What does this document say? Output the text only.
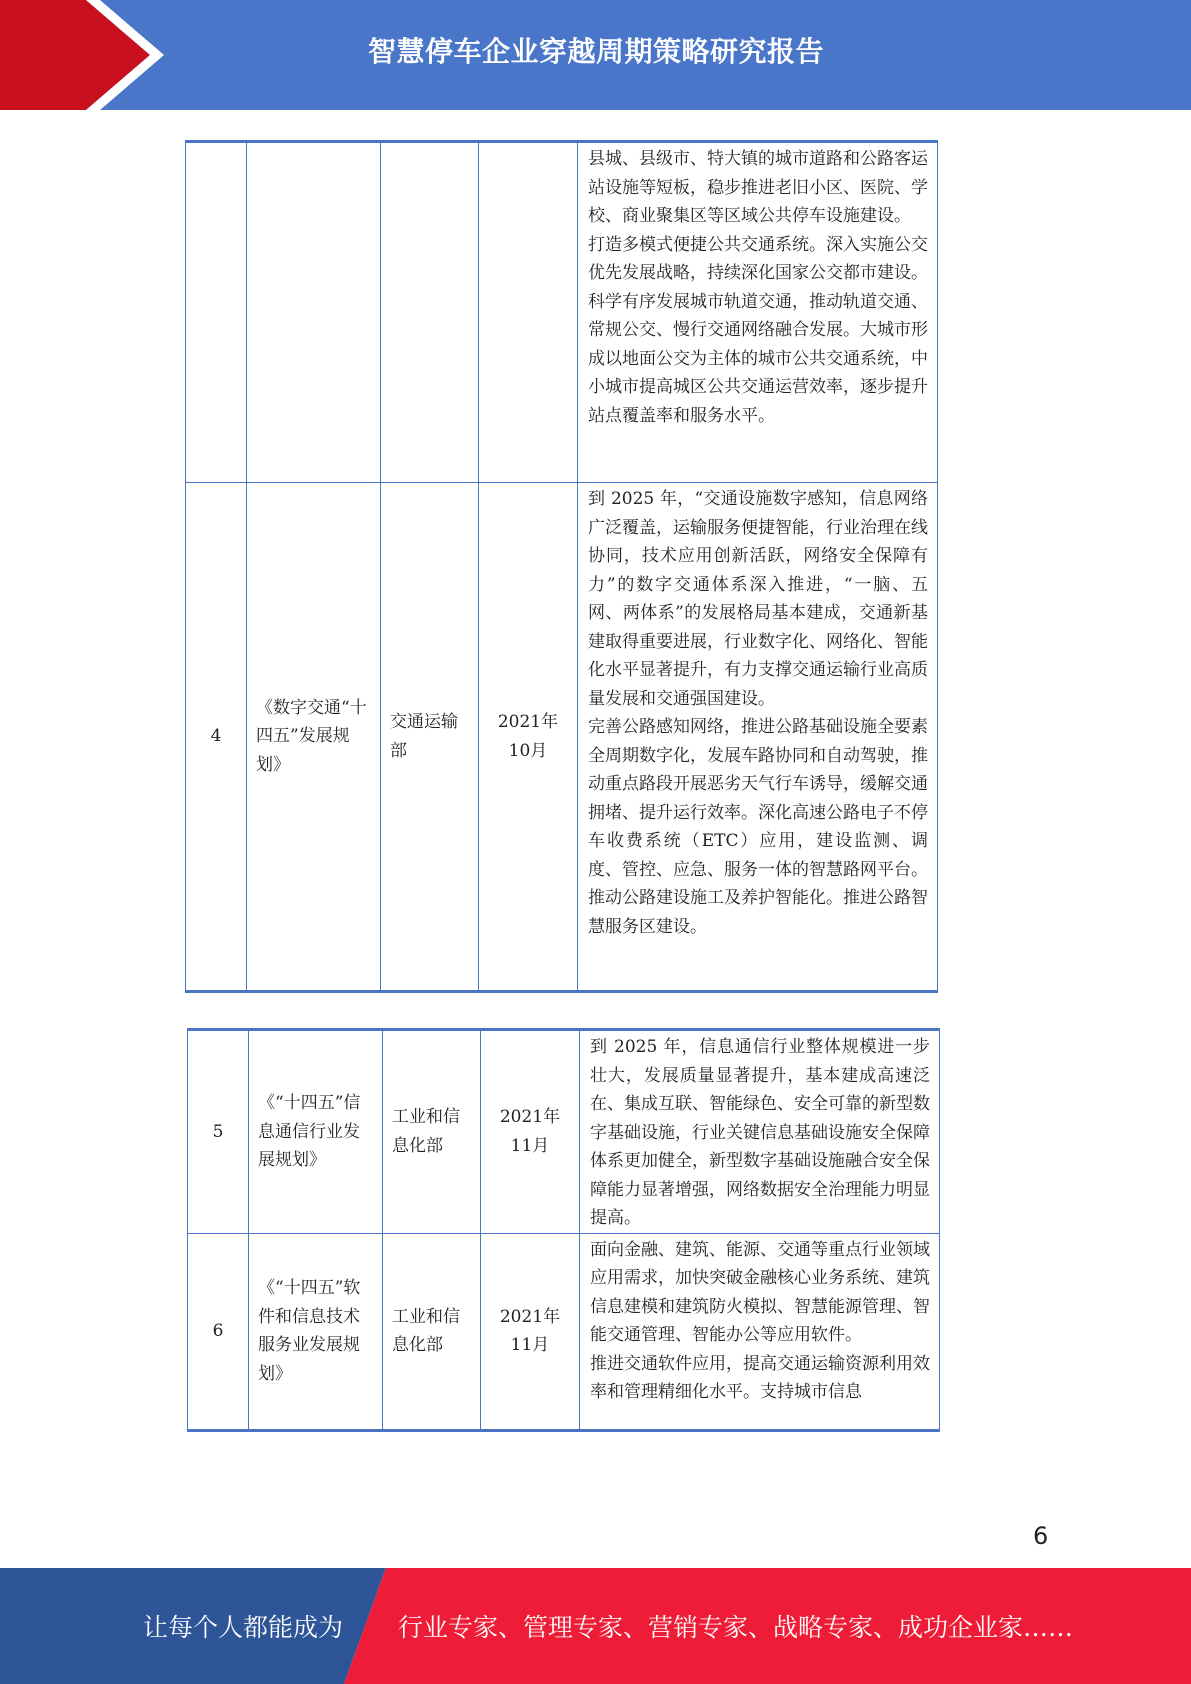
智慧停车企业穿越周期策略研究报告

				县城、县级市、特大镇的城市道路和公路客运站设施等短板，稳步推进老旧小区、医院、学校、商业聚集区等区域公共停车设施建设。

打造多模式便捷公共交通系统。深入实施公交优先发展战略，持续深化国家公交都市建设。科学有序发展城市轨道交通，推动轨道交通、常规公交、慢行交通网络融合发展。大城市形成以地面公交为主体的城市公共交通系统，中小城市提高城区公共交通运营效率，逐步提升站点覆盖率和服务水平。

4	《数字交通“十四五”发展规划》	交通运输部	2021年10月	到 2025 年，“交通设施数字感知，信息网络广泛覆盖，运输服务便捷智能，行业治理在线协同，技术应用创新活跃，网络安全保障有力”的数字交通体系深入推进，“一脑、五网、两体系”的发展格局基本建成，交通新基建取得重要进展，行业数字化、网络化、智能化水平显著提升，有力支撑交通运输行业高质量发展和交通强国建设。

完善公路感知网络，推进公路基础设施全要素全周期数字化，发展车路协同和自动驾驶，推动重点路段开展恶劣天气行车诱导，缓解交通拥堵、提升运行效率。深化高速公路电子不停车收费系统（ETC）应用，建设监测、调度、管控、应急、服务一体的智慧路网平台。推动公路建设施工及养护智能化。推进公路智慧服务区建设。

5	《“十四五”信息通信行业发展规划》	工业和信息化部	2021年11月	到 2025 年，信息通信行业整体规模进一步壮大，发展质量显著提升，基本建成高速泛在、集成互联、智能绿色、安全可靠的新型数字基础设施，行业关键信息基础设施安全保障体系更加健全，新型数字基础设施融合安全保障能力显著增强，网络数据安全治理能力明显提高。

6	《“十四五”软件和信息技术服务业发展规划》	工业和信息化部	2021年11月	面向金融、建筑、能源、交通等重点行业领域应用需求，加快突破金融核心业务系统、建筑信息建模和建筑防火模拟、智慧能源管理、智能交通管理、智能办公等应用软件。

推进交通软件应用，提高交通运输资源利用效率和管理精细化水平。支持城市信息

6
让每个人都能成为 行业专家、管理专家、营销专家、战略专家、成功企业家……
